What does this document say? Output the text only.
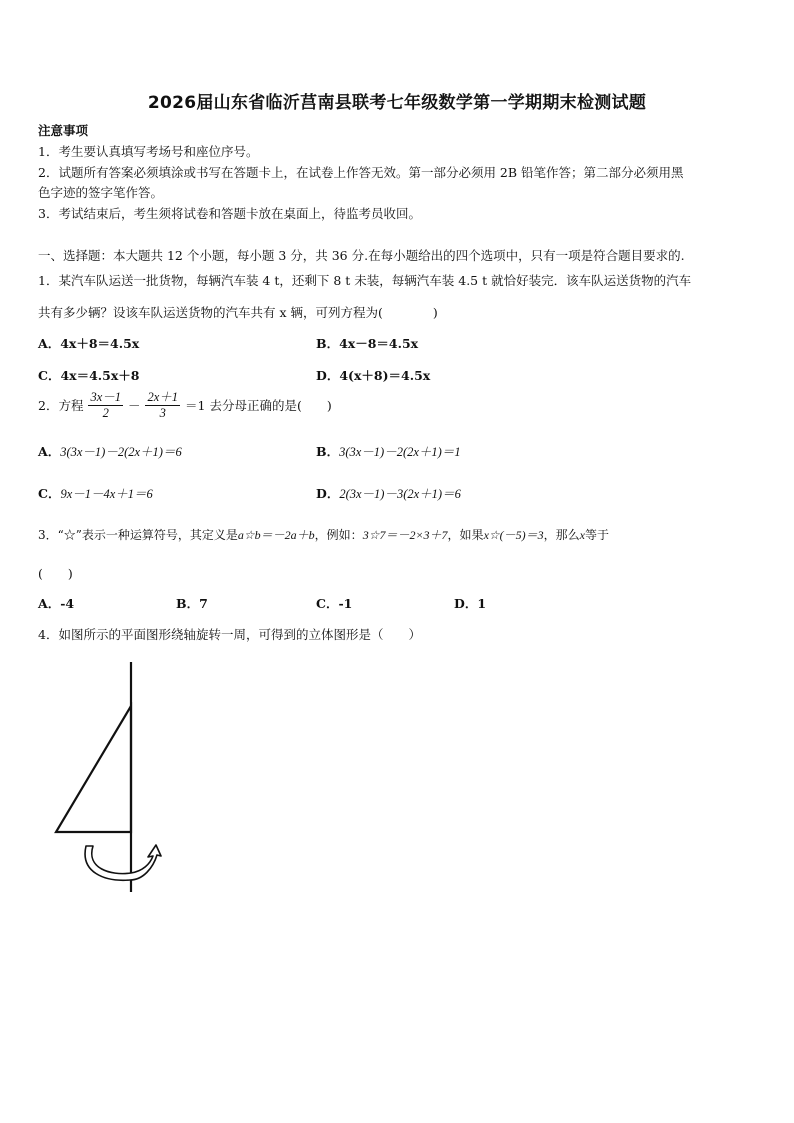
2026届山东省临沂莒南县联考七年级数学第一学期期末检测试题
注意事项
1．考生要认真填写考场号和座位序号。
2．试题所有答案必须填涂或书写在答题卡上，在试卷上作答无效。第一部分必须用 2B 铅笔作答；第二部分必须用黑
色字迹的签字笔作答。
3．考试结束后，考生须将试卷和答题卡放在桌面上，待监考员收回。
一、选择题：本大题共 12 个小题，每小题 3 分，共 36 分.在每小题给出的四个选项中，只有一项是符合题目要求的.
1．某汽车队运送一批货物，每辆汽车装 4 t，还剩下 8 t 未装，每辆汽车装 4.5 t 就恰好装完．该车队运送货物的汽车
共有多少辆？设该车队运送货物的汽车共有 x 辆，可列方程为(　　　　)
A．4x＋8＝4.5x	B．4x－8＝4.5x
C．4x＝4.5x＋8	D．4(x＋8)＝4.5x
2．方程 $\frac{3x-1}{2} - \frac{2x+1}{3} =1$ 去分母正确的是(　　)
A．3(3x－1)－2(2x＋1)＝6	B．3(3x－1)－2(2x＋1)＝1
C．9x－1－4x＋1＝6	D．2(3x－1)－3(2x＋1)＝6
3．“☆”表示一种运算符号，其定义是a☆b＝－2a＋b，例如：3☆7＝－2×3＋7，如果x☆(－5)＝3，那么x等于
(　　)
A．-4	B．7	C．-1	D．1
4．如图所示的平面图形绕轴旋转一周，可得到的立体图形是（　　）
